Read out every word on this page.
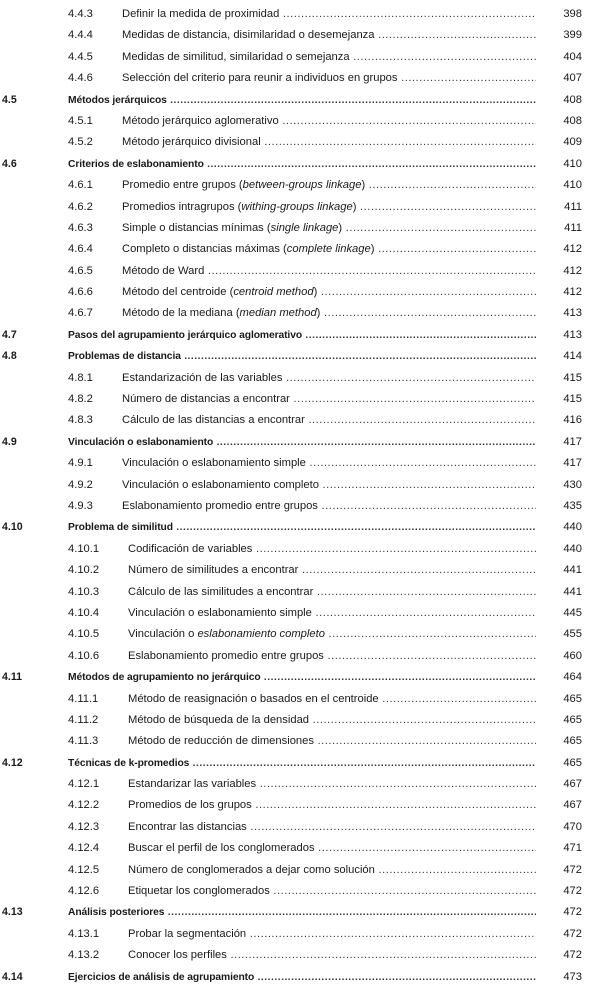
4.4.3	Definir la medida de proximidad .....	398
4.4.4	Medidas de distancia, disimilaridad o desemejanza .....	399
4.4.5	Medidas de similitud, similaridad o semejanza .....	404
4.4.6	Selección del criterio para reunir a individuos en grupos .....	407
4.5	Métodos jerárquicos .....	408
4.5.1	Método jerárquico aglomerativo .....	408
4.5.2	Método jerárquico divisional .....	409
4.6	Criterios de eslabonamiento .....	410
4.6.1	Promedio entre grupos (between-groups linkage) .....	410
4.6.2	Promedios intragrupos (withing-groups linkage) .....	411
4.6.3	Simple o distancias mínimas (single linkage) .....	411
4.6.4	Completo o distancias máximas (complete linkage) .....	412
4.6.5	Método de Ward .....	412
4.6.6	Método del centroide (centroid method) .....	412
4.6.7	Método de la mediana (median method) .....	413
4.7	Pasos del agrupamiento jerárquico aglomerativo .....	413
4.8	Problemas de distancia .....	414
4.8.1	Estandarización de las variables .....	415
4.8.2	Número de distancias a encontrar .....	415
4.8.3	Cálculo de las distancias a encontrar .....	416
4.9	Vinculación o eslabonamiento .....	417
4.9.1	Vinculación o eslabonamiento simple .....	417
4.9.2	Vinculación o eslabonamiento completo .....	430
4.9.3	Eslabonamiento promedio entre grupos .....	435
4.10	Problema de similitud .....	440
4.10.1	Codificación de variables .....	440
4.10.2	Número de similitudes a encontrar .....	441
4.10.3	Cálculo de las similitudes a encontrar .....	441
4.10.4	Vinculación o eslabonamiento simple .....	445
4.10.5	Vinculación o eslabonamiento completo .....	455
4.10.6	Eslabonamiento promedio entre grupos .....	460
4.11	Métodos de agrupamiento no jerárquico .....	464
4.11.1	Método de reasignación o basados en el centroide .....	465
4.11.2	Método de búsqueda de la densidad .....	465
4.11.3	Método de reducción de dimensiones .....	465
4.12	Técnicas de k-promedios .....	465
4.12.1	Estandarizar las variables .....	467
4.12.2	Promedios de los grupos .....	467
4.12.3	Encontrar las distancias .....	470
4.12.4	Buscar el perfil de los conglomerados .....	471
4.12.5	Número de conglomerados a dejar como solución .....	472
4.12.6	Etiquetar los conglomerados .....	472
4.13	Análisis posteriores .....	472
4.13.1	Probar la segmentación .....	472
4.13.2	Conocer los perfiles .....	472
4.14	Ejercicios de análisis de agrupamiento .....	473
